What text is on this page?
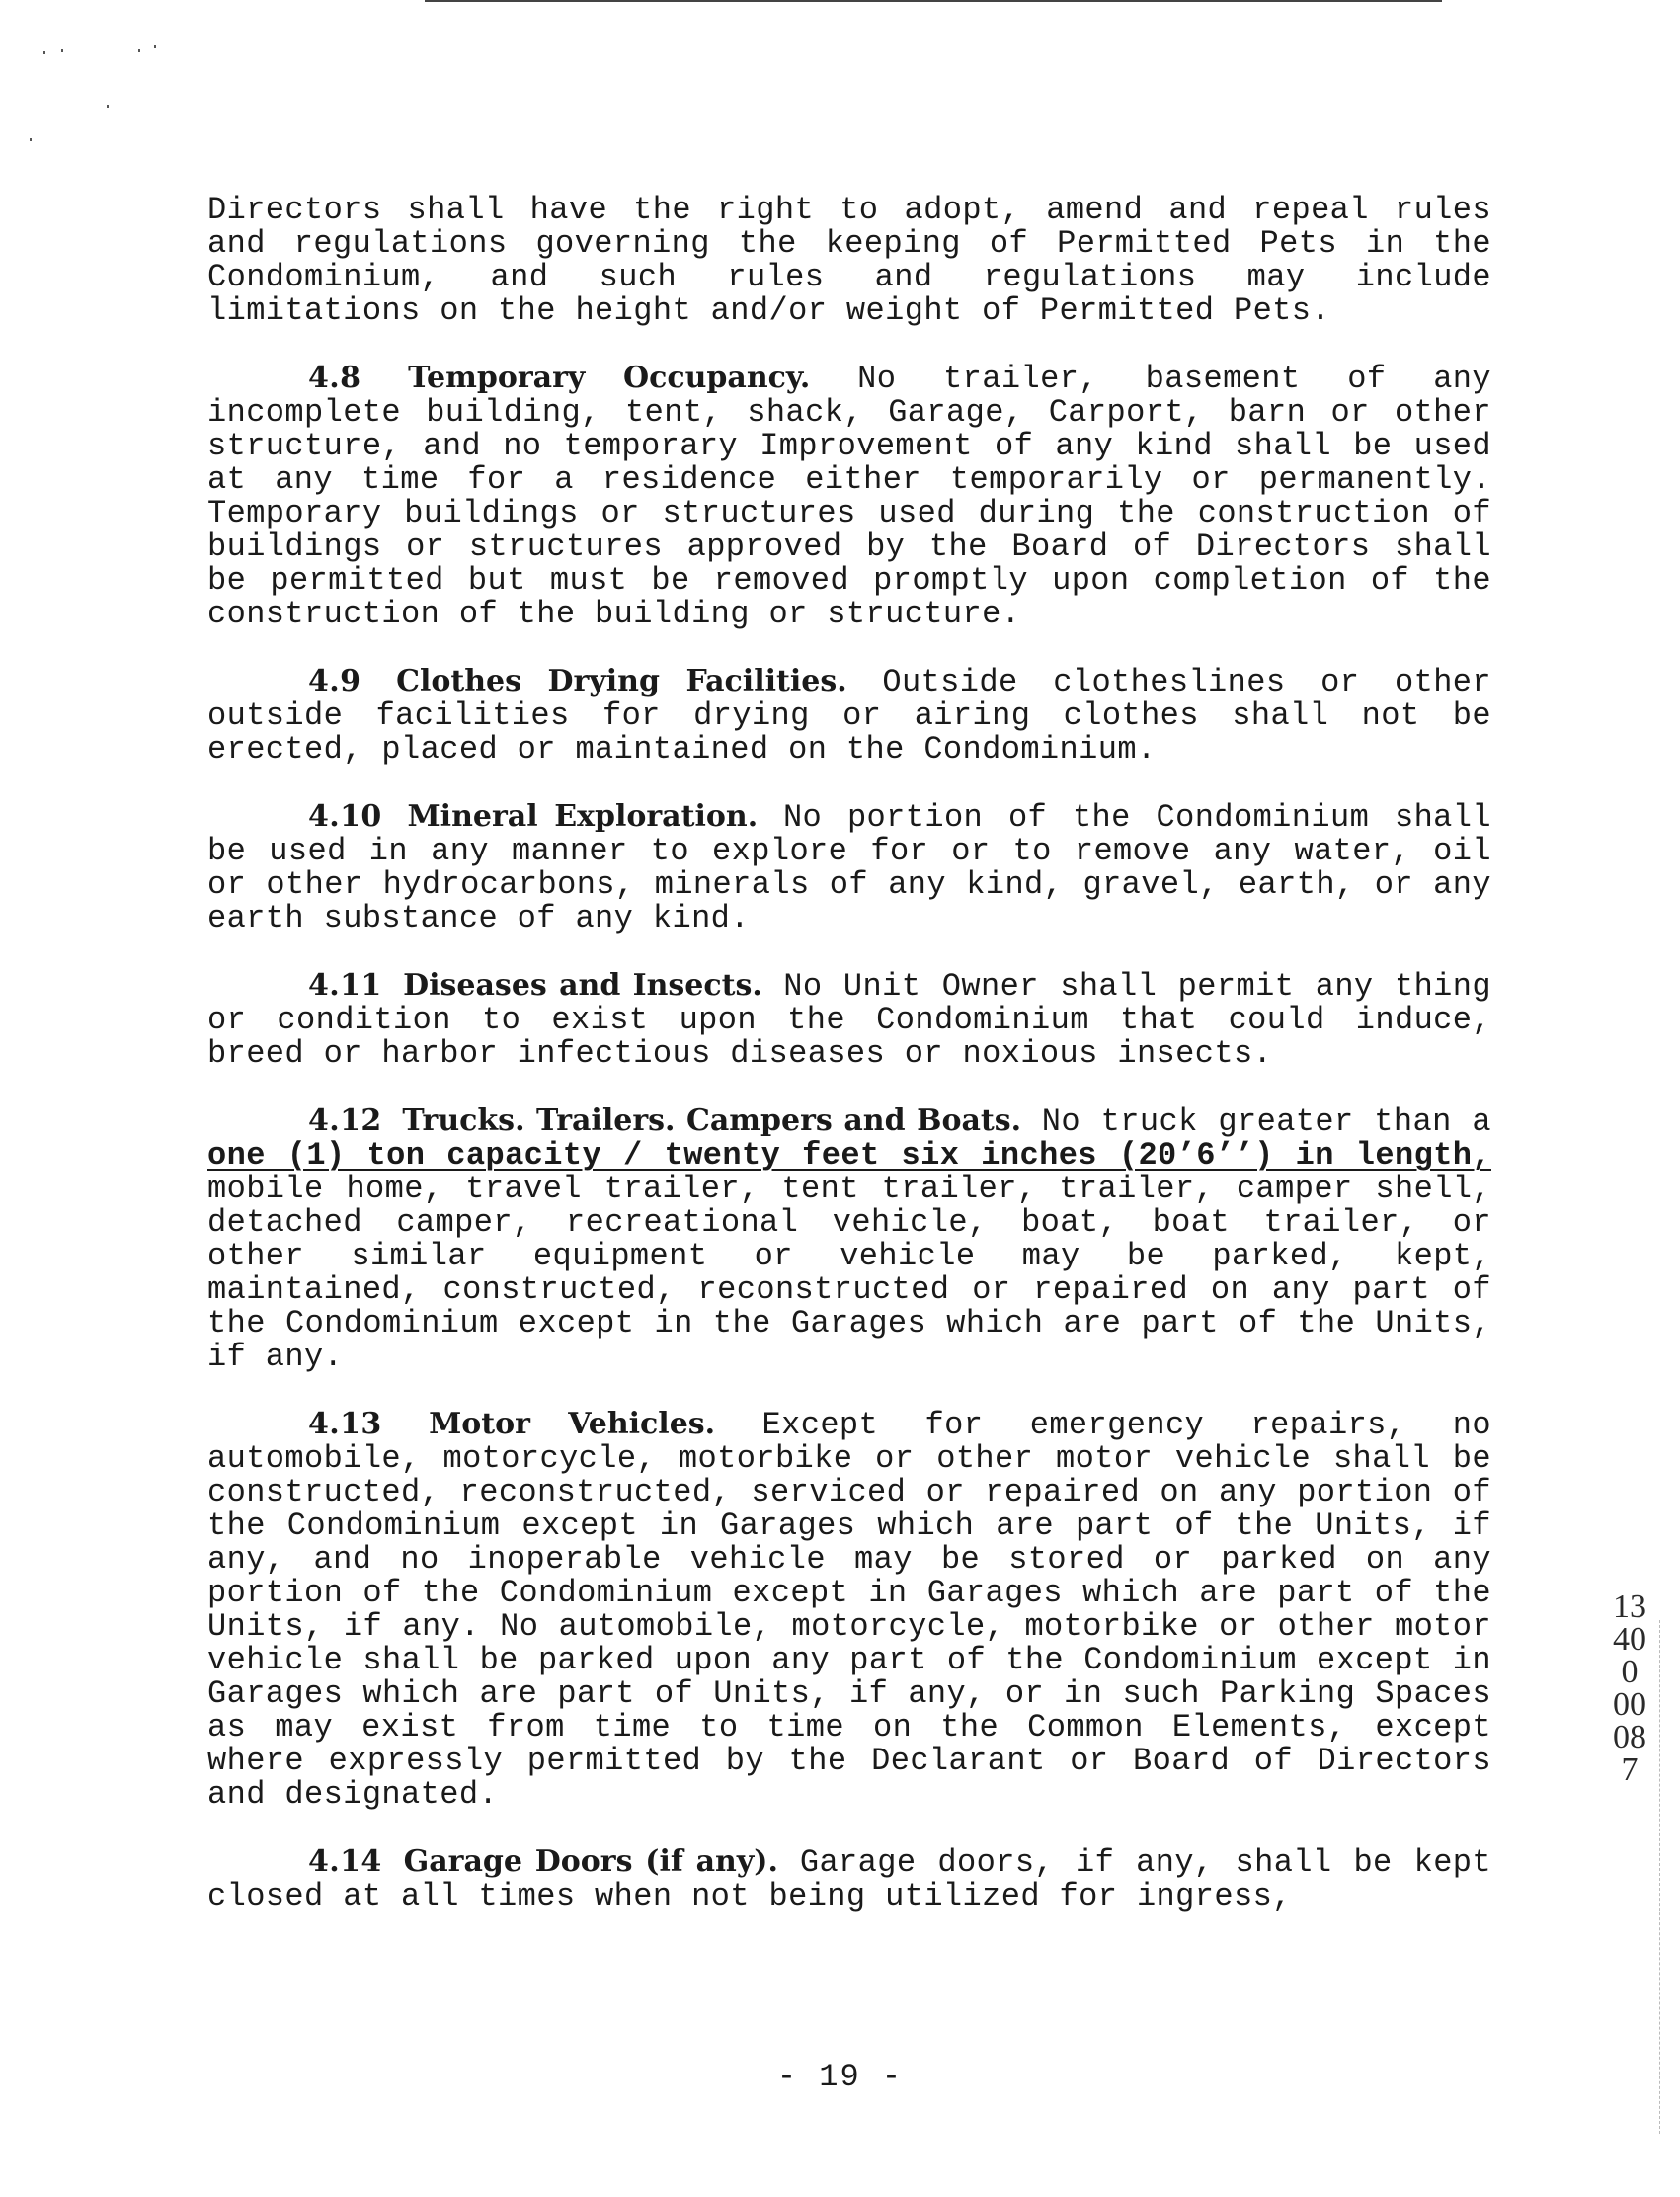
Directors shall have the right to adopt, amend and repeal rules and regulations governing the keeping of Permitted Pets in the Condominium, and such rules and regulations may include limitations on the height and/or weight of Permitted Pets.

4.8 Temporary Occupancy. No trailer, basement of any incomplete building, tent, shack, Garage, Carport, barn or other structure, and no temporary Improvement of any kind shall be used at any time for a residence either temporarily or permanently. Temporary buildings or structures used during the construction of buildings or structures approved by the Board of Directors shall be permitted but must be removed promptly upon completion of the construction of the building or structure.

4.9 Clothes Drying Facilities. Outside clotheslines or other outside facilities for drying or airing clothes shall not be erected, placed or maintained on the Condominium.

4.10 Mineral Exploration. No portion of the Condominium shall be used in any manner to explore for or to remove any water, oil or other hydrocarbons, minerals of any kind, gravel, earth, or any earth substance of any kind.

4.11 Diseases and Insects. No Unit Owner shall permit any thing or condition to exist upon the Condominium that could induce, breed or harbor infectious diseases or noxious insects.

4.12 Trucks. Trailers. Campers and Boats. No truck greater than a one (1) ton capacity / twenty feet six inches (20’6’’) in length, mobile home, travel trailer, tent trailer, trailer, camper shell, detached camper, recreational vehicle, boat, boat trailer, or other similar equipment or vehicle may be parked, kept, maintained, constructed, reconstructed or repaired on any part of the Condominium except in the Garages which are part of the Units, if any.

4.13 Motor Vehicles. Except for emergency repairs, no automobile, motorcycle, motorbike or other motor vehicle shall be constructed, reconstructed, serviced or repaired on any portion of the Condominium except in Garages which are part of the Units, if any, and no inoperable vehicle may be stored or parked on any portion of the Condominium except in Garages which are part of the Units, if any. No automobile, motorcycle, motorbike or other motor vehicle shall be parked upon any part of the Condominium except in Garages which are part of Units, if any, or in such Parking Spaces as may exist from time to time on the Common Elements, except where expressly permitted by the Declarant or Board of Directors and designated.

4.14 Garage Doors (if any). Garage doors, if any, shall be kept closed at all times when not being utilized for ingress,

13400 00087
- 19 -
